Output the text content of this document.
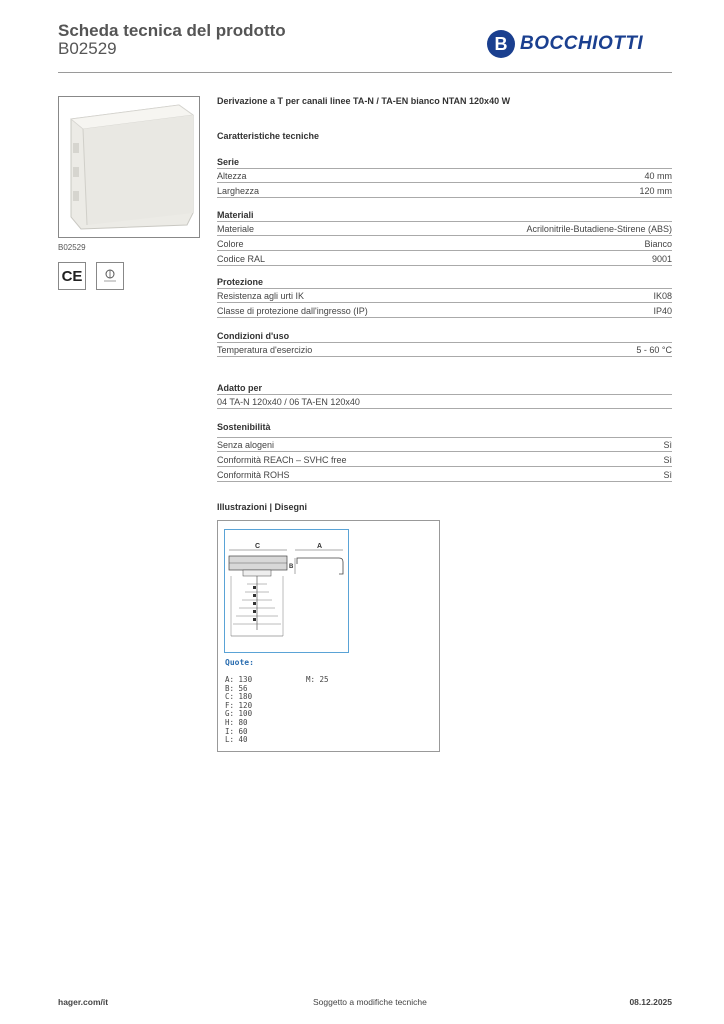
Scheda tecnica del prodotto
B02529	B BOCCHIOTTI
B02529
CE
Derivazione a T per canali linee TA-N / TA-EN bianco NTAN 120x40 W
Caratteristiche tecniche
Serie
Altezza	40 mm
Larghezza	120 mm
Materiali
Materiale	Acrilonitrile-Butadiene-Stirene (ABS)
Colore	Bianco
Codice RAL	9001
Protezione
Resistenza agli urti IK	IK08
Classe di protezione dall'ingresso (IP)	IP40
Condizioni d'uso
Temperatura d'esercizio	5 - 60 °C
Adatto per
04 TA-N 120x40 / 06 TA-EN 120x40
Sostenibilità
Senza alogeni	Sì
Conformità REACh – SVHC free	Sì
Conformità ROHS	Sì
Illustrazioni | Disegni
C	A
B
Quote:
A: 130
B: 56
C: 180
F: 120
G: 100
H: 80
I: 60
L: 40
M: 25
hager.com/it	Soggetto a modifiche tecniche	08.12.2025
